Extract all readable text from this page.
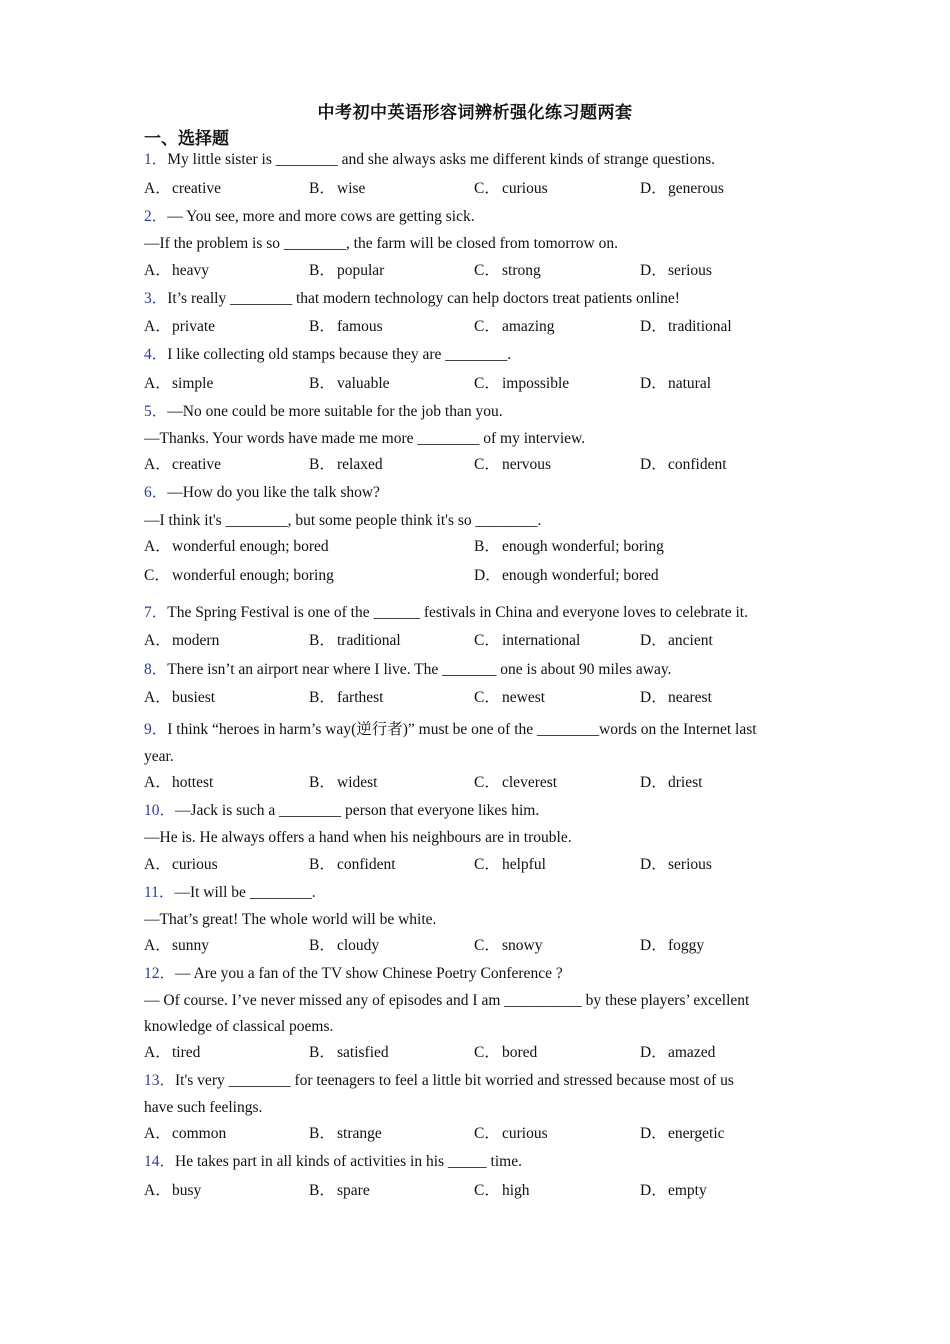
中考初中英语形容词辨析强化练习题两套
一、选择题
1．My little sister is ________ and she always asks me different kinds of strange questions.
A．creative	B． wise	C． curious	D．generous
2．— You see, more and more cows are getting sick.
—If the problem is so ________, the farm will be closed from tomorrow on.
A．heavy	B． popular	C． strong	D．serious
3．It’s really ________ that modern technology can help doctors treat patients online!
A．private	B． famous	C． amazing	D．traditional
4．I like collecting old stamps because they are ________.
A．simple	B． valuable	C． impossible	D．natural
5．—No one could be more suitable for the job than you.
—Thanks. Your words have made me more ________ of my interview.
A．creative	B． relaxed	C． nervous	D．confident
6．—How do you like the talk show?
—I think it's ________, but some people think it's so ________.
A．wonderful enough; bored	B． enough wonderful; boring
C． wonderful enough; boring	D．enough wonderful; bored
7．The Spring Festival is one of the ______ festivals in China and everyone loves to celebrate it.
A．modern	B． traditional	C． international	D．ancient
8．There isn’t an airport near where I live. The _______ one is about 90 miles away.
A．busiest	B． farthest	C． newest	D．nearest
9．I think “heroes in harm’s way(逆行者)” must be one of the ________words on the Internet last
year.
A．hottest	B． widest	C． cleverest	D．driest
10．—Jack is such a ________ person that everyone likes him.
—He is. He always offers a hand when his neighbours are in trouble.
A．curious	B． confident	C． helpful	D．serious
11．—It will be ________.
—That’s great! The whole world will be white.
A．sunny	B． cloudy	C． snowy	D．foggy
12．— Are you a fan of the TV show Chinese Poetry Conference ?
— Of course. I’ve never missed any of episodes and I am __________ by these players’ excellent
knowledge of classical poems.
A．tired	B． satisfied	C． bored	D．amazed
13．It's very ________ for teenagers to feel a little bit worried and stressed because most of us
have such feelings.
A．common	B． strange	C． curious	D．energetic
14．He takes part in all kinds of activities in his _____ time.
A．busy	B． spare	C． high	D．empty
